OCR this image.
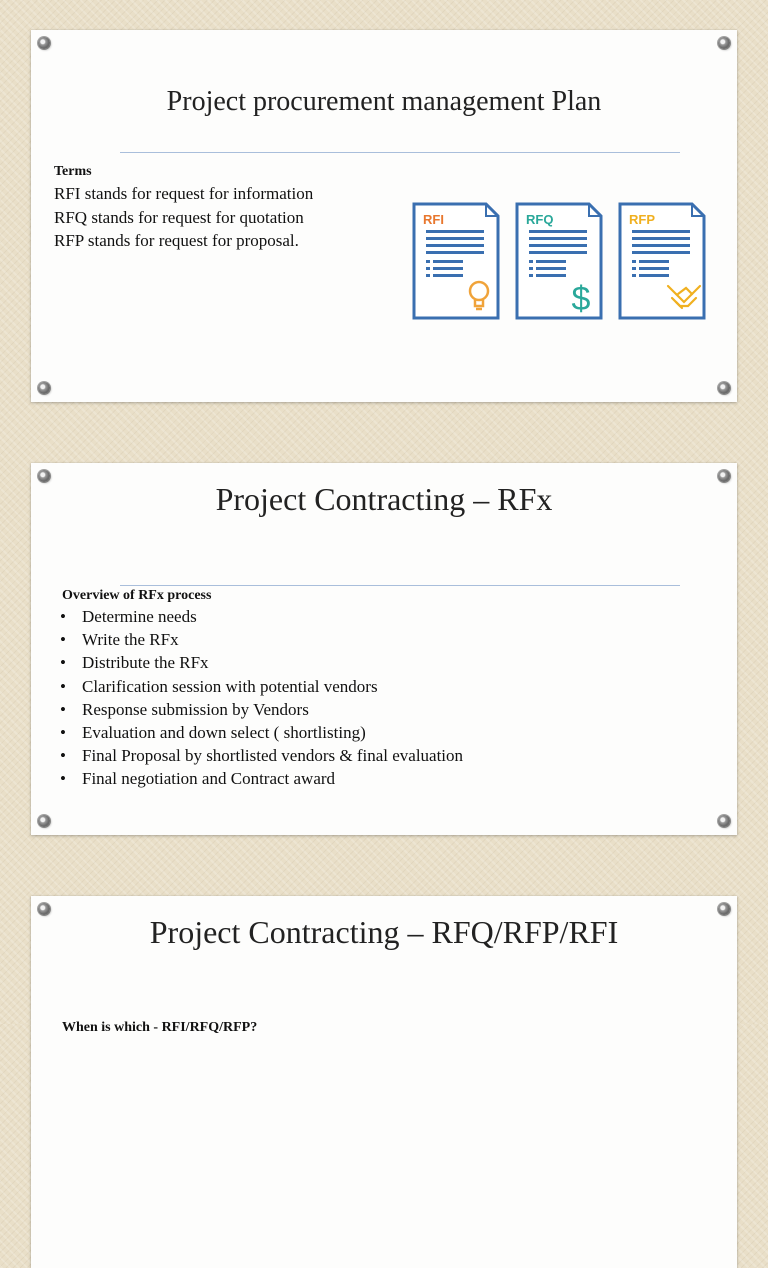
Project procurement management Plan
Terms
RFI stands for request for information
RFQ stands for request for quotation
RFP stands for request for proposal.
RFI
$
RFQ	RFP
Project Contracting – RFx
Overview of RFx process
• Determine needs
• Write the RFx
• Distribute the RFx
• Clarification session with potential vendors
• Response submission by Vendors
• Evaluation and down select ( shortlisting)
• Final Proposal by shortlisted vendors & final evaluation
• Final negotiation and Contract award
Project Contracting – RFQ/RFP/RFI
When is which - RFI/RFQ/RFP?
